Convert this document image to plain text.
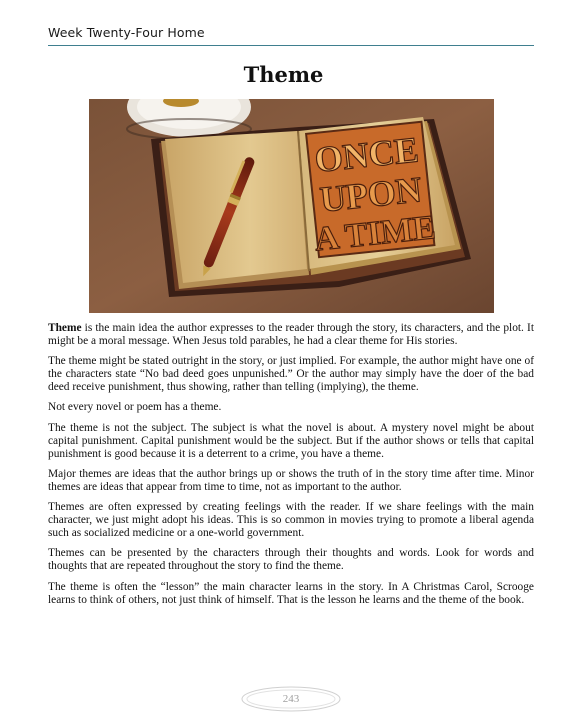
Week Twenty-Four Home
Theme
ONCE
UPON
A TIME

Theme is the main idea the author expresses to the reader through the story, its characters, and the plot. It might be a moral message. When Jesus told parables, he had a clear theme for His stories.

The theme might be stated outright in the story, or just implied. For example, the author might have one of the characters state “No bad deed goes unpunished.” Or the author may simply have the doer of the bad deed receive punishment, thus showing, rather than telling (implying), the theme.

Not every novel or poem has a theme.

The theme is not the subject. The subject is what the novel is about. A mystery novel might be about capital punishment. Capital punishment would be the subject. But if the author shows or tells that capital punishment is good because it is a deterrent to a crime, you have a theme.

Major themes are ideas that the author brings up or shows the truth of in the story time after time. Minor themes are ideas that appear from time to time, not as important to the author.

Themes are often expressed by creating feelings with the reader. If we share feelings with the main character, we just might adopt his ideas. This is so common in movies trying to promote a liberal agenda such as socialized medicine or a one-world government.

Themes can be presented by the characters through their thoughts and words. Look for words and thoughts that are repeated throughout the story to find the theme.

The theme is often the “lesson” the main character learns in the story. In A Christmas Carol, Scrooge learns to think of others, not just think of himself. That is the lesson he learns and the theme of the book.

243
